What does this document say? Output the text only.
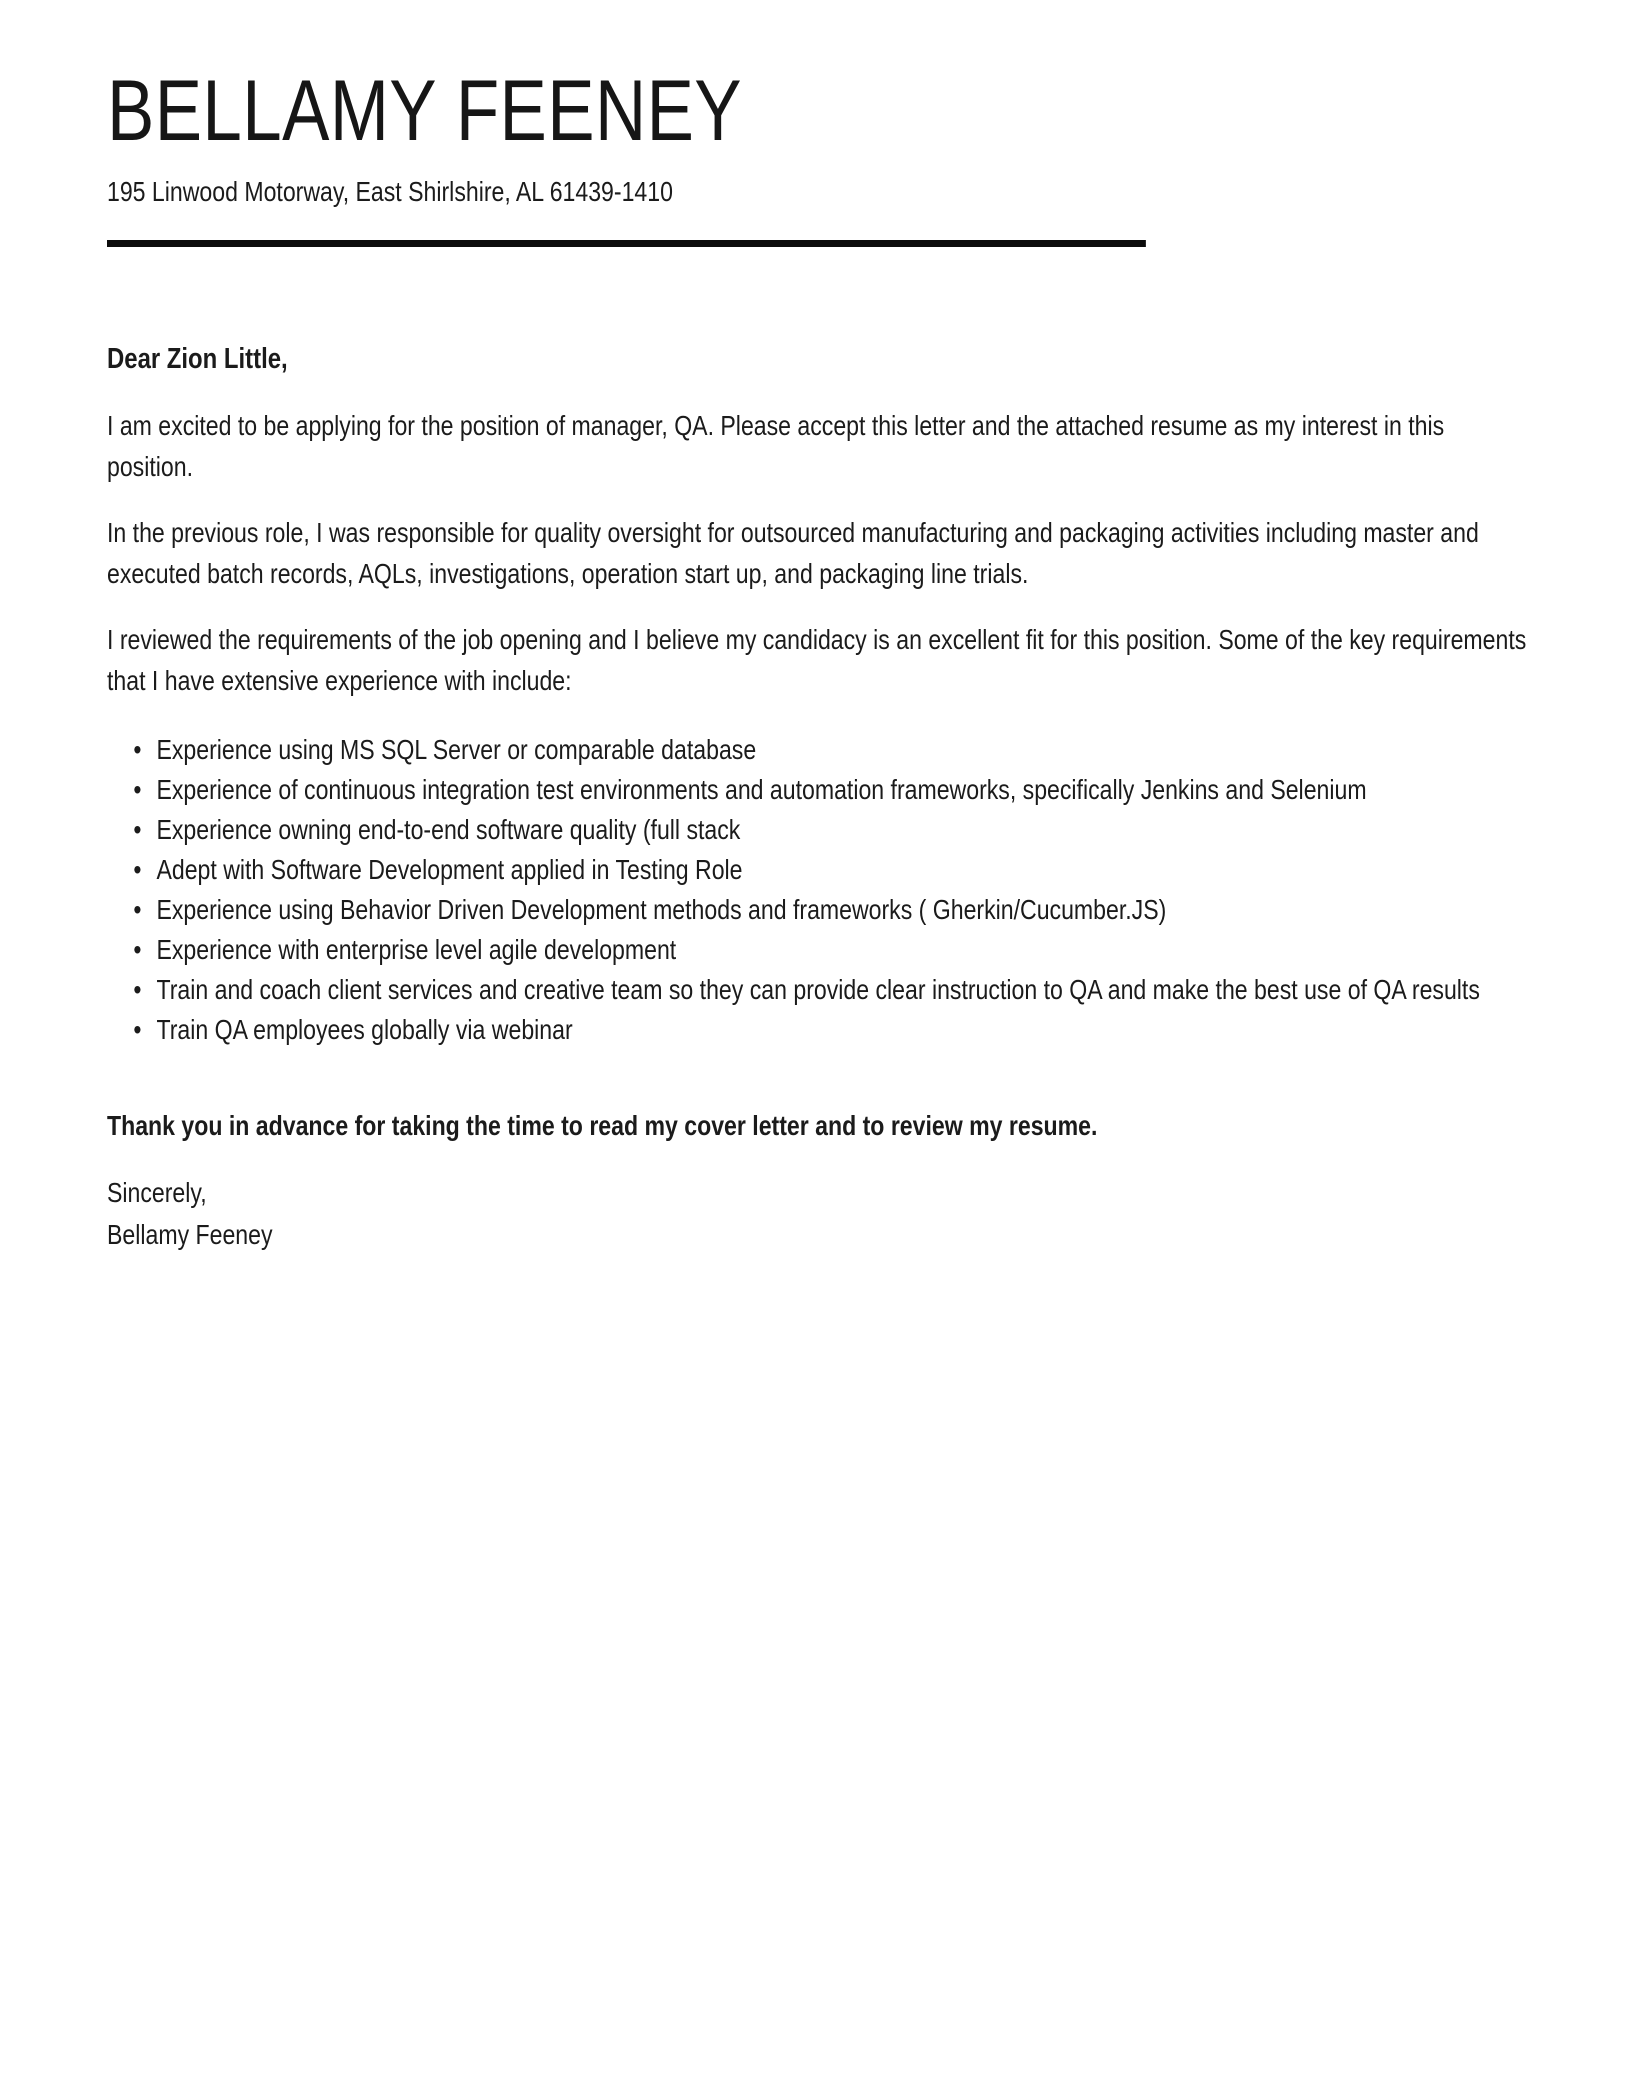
BELLAMY FEENEY
195 Linwood Motorway, East Shirlshire, AL 61439-1410

Dear Zion Little,

I am excited to be applying for the position of manager, QA. Please accept this letter and the attached resume as my interest in this position.

In the previous role, I was responsible for quality oversight for outsourced manufacturing and packaging activities including master and executed batch records, AQLs, investigations, operation start up, and packaging line trials.

I reviewed the requirements of the job opening and I believe my candidacy is an excellent fit for this position. Some of the key requirements that I have extensive experience with include:

• Experience using MS SQL Server or comparable database
• Experience of continuous integration test environments and automation frameworks, specifically Jenkins and Selenium
• Experience owning end-to-end software quality (full stack
• Adept with Software Development applied in Testing Role
• Experience using Behavior Driven Development methods and frameworks ( Gherkin/Cucumber.JS)
• Experience with enterprise level agile development
• Train and coach client services and creative team so they can provide clear instruction to QA and make the best use of QA results
• Train QA employees globally via webinar

Thank you in advance for taking the time to read my cover letter and to review my resume.

Sincerely,
Bellamy Feeney
